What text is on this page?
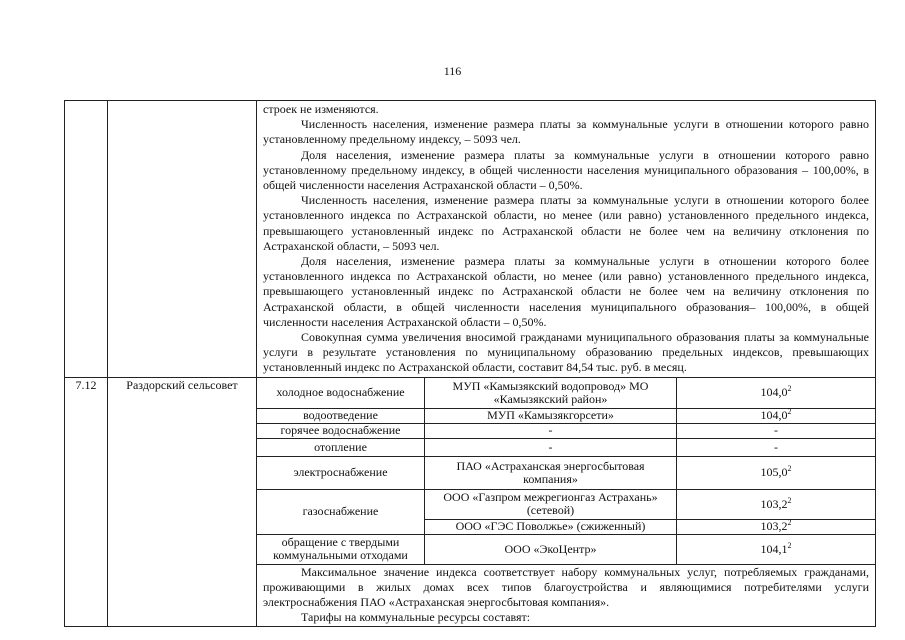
116

строек не изменяются.

Численность населения, изменение размера платы за коммунальные услуги в отношении которого равно установленному предельному индексу, – 5093 чел.

Доля населения, изменение размера платы за коммунальные услуги в отношении которого равно установленному предельному индексу, в общей численности населения муниципального образования – 100,00%, в общей численности населения Астраханской области – 0,50%.

Численность населения, изменение размера платы за коммунальные услуги в отношении которого более установленного индекса по Астраханской области, но менее (или равно) установленного предельного индекса, превышающего установленный индекс по Астраханской области не более чем на величину отклонения по Астраханской области, – 5093 чел.

Доля населения, изменение размера платы за коммунальные услуги в отношении которого более установленного индекса по Астраханской области, но менее (или равно) установленного предельного индекса, превышающего установленный индекс по Астраханской области не более чем на величину отклонения по Астраханской области, в общей численности населения муниципального образования– 100,00%, в общей численности населения Астраханской области – 0,50%.

Совокупная сумма увеличения вносимой гражданами муниципального образования платы за коммунальные услуги в результате установления по муниципальному образованию предельных индексов, превышающих установленный индекс по Астраханской области, составит 84,54 тыс. руб. в месяц.

7.12	Раздорский сельсовет	
холодное водоснабжение	МУП «Камызякский водопровод» МО «Камызякский район»	104,0$^2$
водоотведение	МУП «Камызякгорсети»	104,0$^2$
горячее водоснабжение	-	-
отопление	-	-
электроснабжение	ПАО «Астраханская энергосбытовая компания»	105,0$^2$
газоснабжение	ООО «Газпром межрегионгаз Астрахань» (сетевой)	103,2$^2$
ООО «ГЭС Поволжье» (сжиженный)	103,2$^2$
обращение с твердыми коммунальными отходами	ООО «ЭкоЦентр»	104,1$^2$

Максимальное значение индекса соответствует набору коммунальных услуг, потребляемых гражданами, проживающими в жилых домах всех типов благоустройства и являющимися потребителями услуги электроснабжения ПАО «Астраханская энергосбытовая компания».

Тарифы на коммунальные ресурсы составят:
